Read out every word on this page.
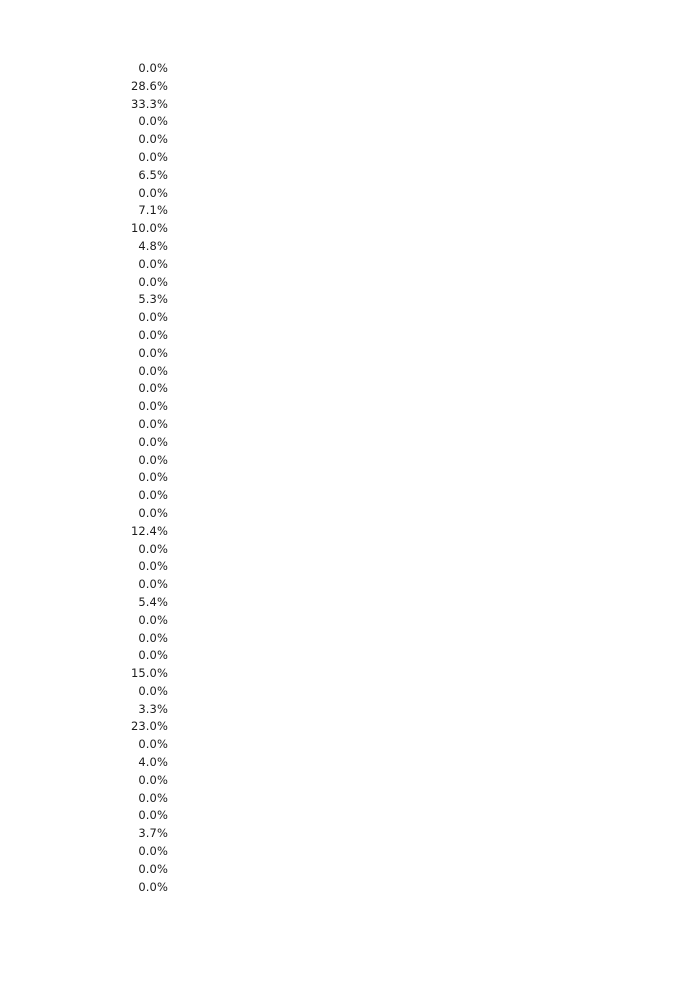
0.0%
28.6%
33.3%
0.0%
0.0%
0.0%
6.5%
0.0%
7.1%
10.0%
4.8%
0.0%
0.0%
5.3%
0.0%
0.0%
0.0%
0.0%
0.0%
0.0%
0.0%
0.0%
0.0%
0.0%
0.0%
0.0%
12.4%
0.0%
0.0%
0.0%
5.4%
0.0%
0.0%
0.0%
15.0%
0.0%
3.3%
23.0%
0.0%
4.0%
0.0%
0.0%
0.0%
3.7%
0.0%
0.0%
0.0%
